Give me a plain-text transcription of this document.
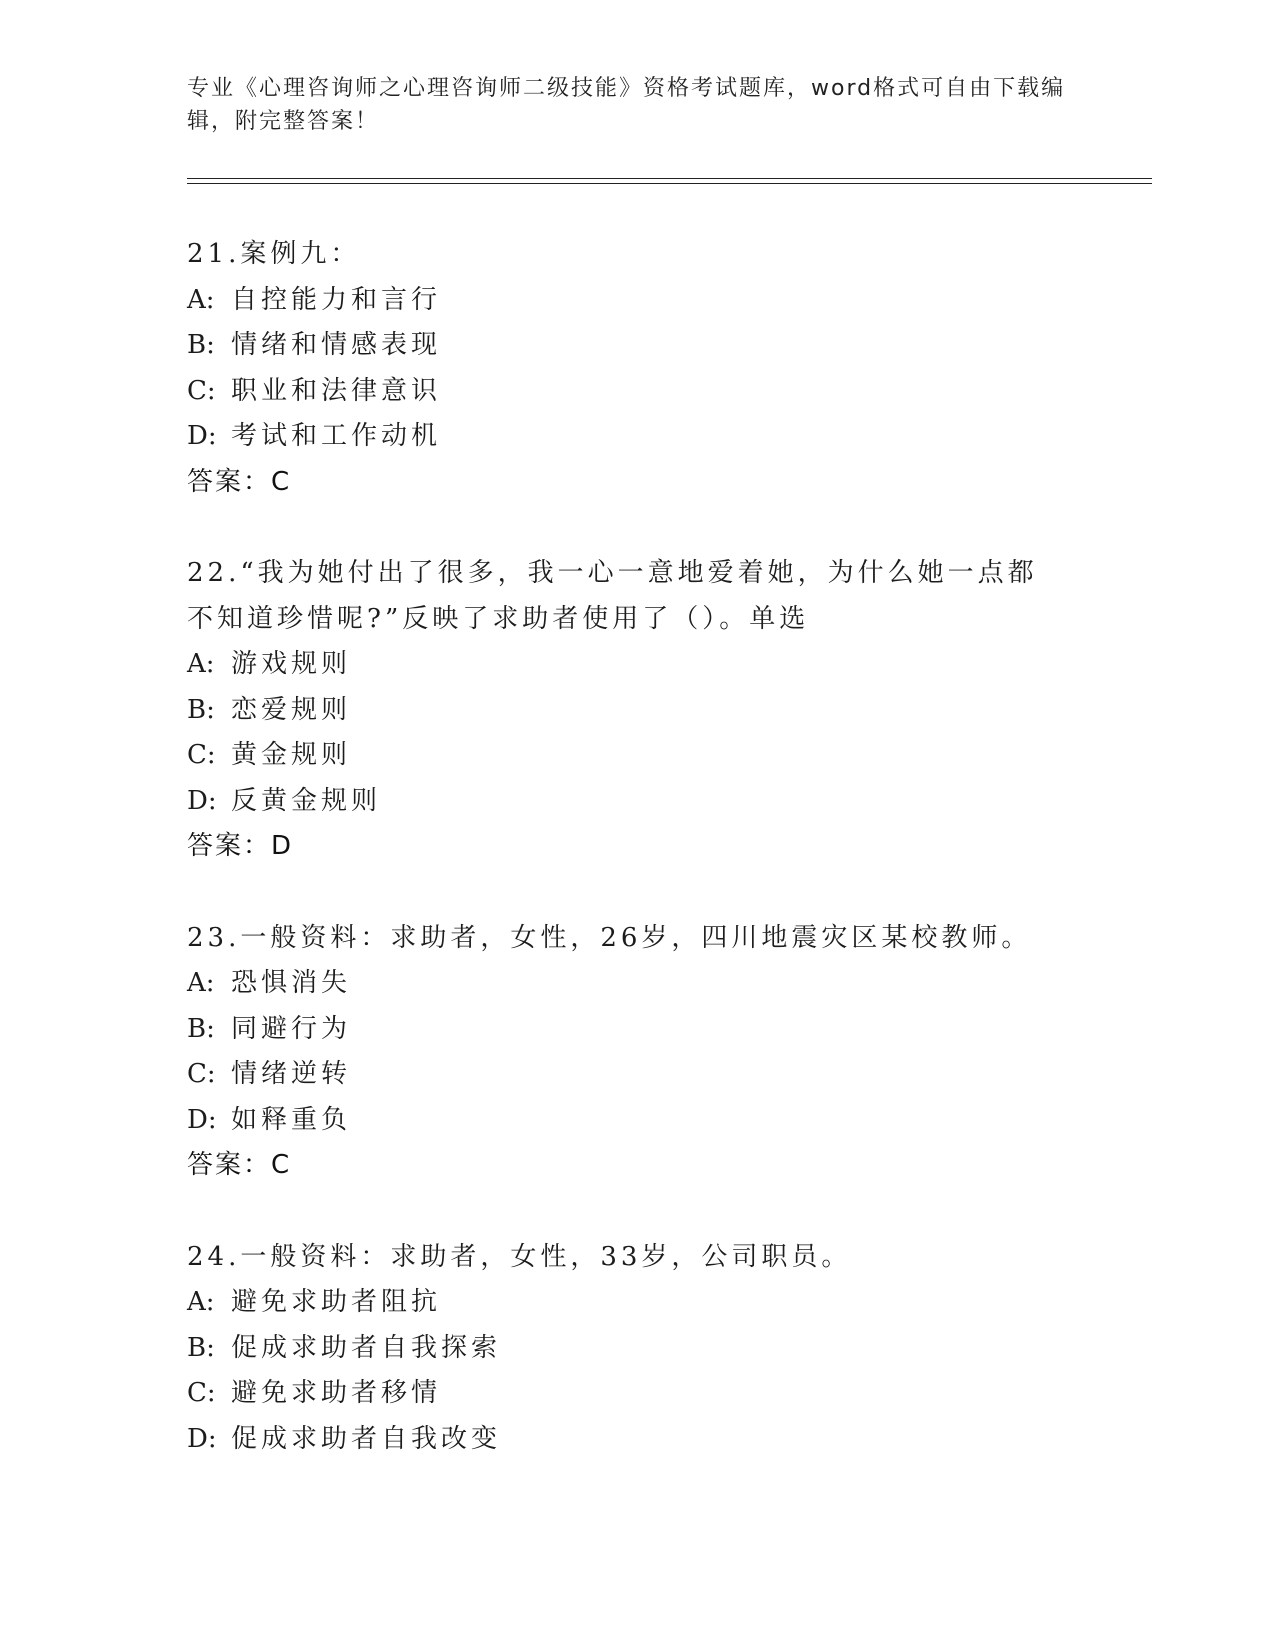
专业《心理咨询师之心理咨询师二级技能》资格考试题库，word格式可自由下载编辑，附完整答案！
21.案例九：
A: 自控能力和言行
B: 情绪和情感表现
C: 职业和法律意识
D: 考试和工作动机
答案：C
22.“我为她付出了很多，我一心一意地爱着她，为什么她一点都不知道珍惜呢?”反映了求助者使用了（）。单选
A: 游戏规则
B: 恋爱规则
C: 黄金规则
D: 反黄金规则
答案：D
23.一般资料：求助者，女性，26岁，四川地震灾区某校教师。
A: 恐惧消失
B: 同避行为
C: 情绪逆转
D: 如释重负
答案：C
24.一般资料：求助者，女性，33岁，公司职员。
A: 避免求助者阻抗
B: 促成求助者自我探索
C: 避免求助者移情
D: 促成求助者自我改变
